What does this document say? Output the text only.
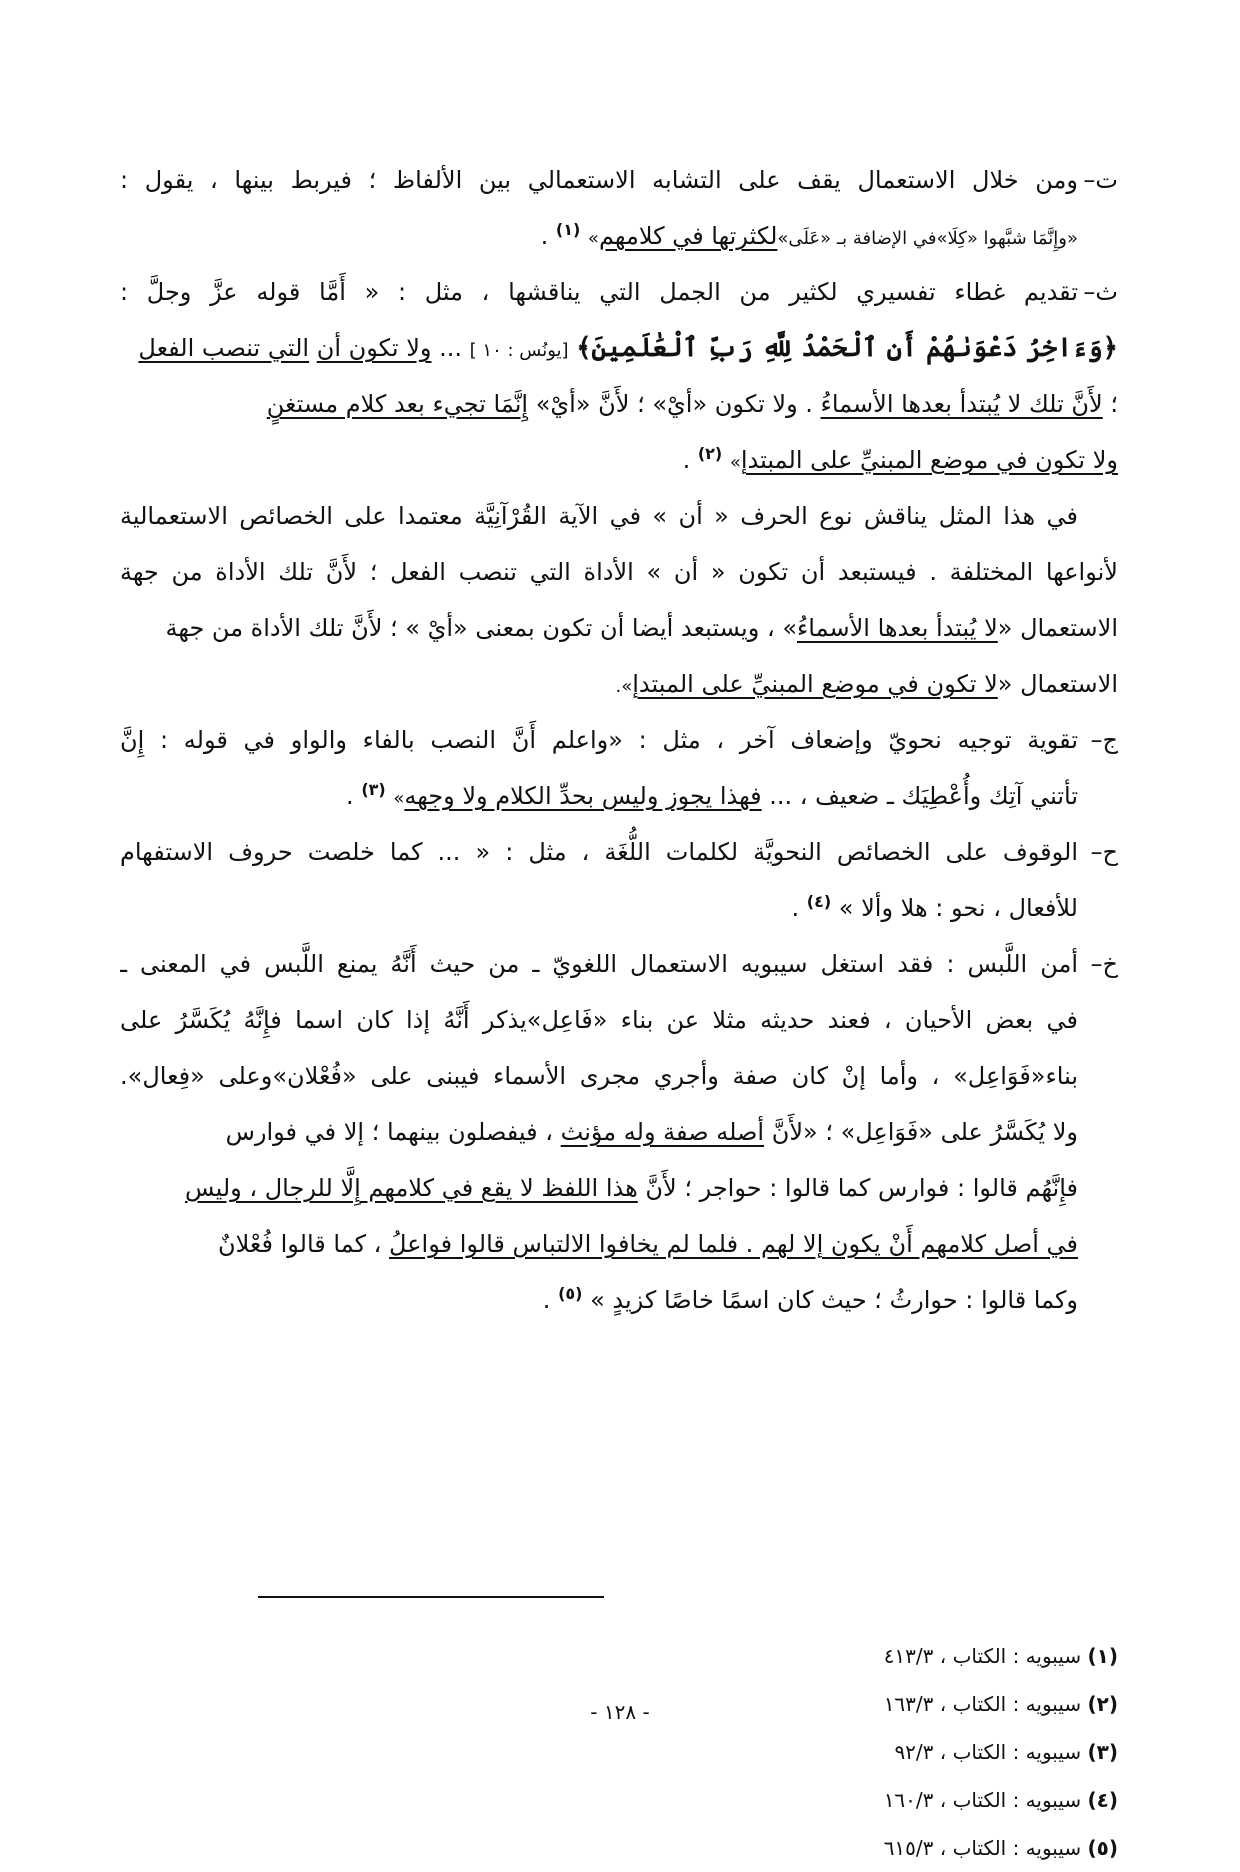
ت–
ومن خلال الاستعمال يقف على التشابه الاستعمالي بين الألفاظ ؛ فيربط بينها ، يقول :
«وإِنَّمَا شبَّهوا «كِلَا»في الإضافة بـ «عَلَى»لكثرتها في كلامهم» $^{(١)}$ .
ث–
تقديم غطاء تفسيري لكثير من الجمل التي يناقشها ، مثل : « أَمَّا قوله عزَّ وجلَّ :
﴿وَءَاخِرُ دَعْوَىٰهُمْ أَنِ ٱلْحَمْدُ لِلَّهِ رَبِّ ٱلْعَٰلَمِينَ﴾ [يونُس : ١٠ ] ... ولا تكون أن التي تنصب الفعل
؛ لأَنَّ تلك لا يُبتدأ بعدها الأسماءُ . ولا تكون «أيْ» ؛ لأَنَّ «أيْ» إِنَّمَا تجيء بعد كلام مستغنٍ
ولا تكون في موضع المبنيِّ على المبتدإ» $^{(٢)}$ .
في هذا المثل يناقش نوع الحرف « أن » في الآية القُرْآنِيَّة معتمدا على الخصائص الاستعمالية
لأنواعها المختلفة . فيستبعد أن تكون « أن » الأداة التي تنصب الفعل ؛ لأَنَّ تلك الأداة من جهة
الاستعمال «لا يُبتدأ بعدها الأسماءُ» ، ويستبعد أيضا أن تكون بمعنى «أيْ » ؛ لأَنَّ تلك الأداة من جهة
الاستعمال «لا تكون في موضع المبنيِّ على المبتدإ».
ج–
تقوية توجيه نحويّ وإضعاف آخر ، مثل : «واعلم أَنَّ النصب بالفاء والواو في قوله : إِنَّ
تأتني آتِك وأُعْطِيَك ـ ضعيف ، ... فهذا يجوز وليس بحدِّ الكلام ولا وجهه» $^{(٣)}$ .
ح–
الوقوف على الخصائص النحويَّة لكلمات اللُّغَة ، مثل : « ... كما خلصت حروف الاستفهام
للأفعال ، نحو : هلا وألا » $^{(٤)}$ .
خ–
أمن اللَّبس : فقد استغل سيبويه الاستعمال اللغويّ ـ من حيث أَنَّهُ يمنع اللَّبس في المعنى ـ
في بعض الأحيان ، فعند حديثه مثلا عن بناء «فَاعِل»يذكر أَنَّهُ إذا كان اسما فإِنَّهُ يُكَسَّرُ على
بناء«فَوَاعِل» ، وأما إنْ كان صفة وأجري مجرى الأسماء فيبنى على «فُعْلان»وعلى «فِعال».
ولا يُكَسَّرُ على «فَوَاعِل» ؛ «لأَنَّ أصله صفة وله مؤنث ، فيفصلون بينهما ؛ إلا في فوارس
فإِنَّهُم قالوا : فوارس كما قالوا : حواجر ؛ لأَنَّ هذا اللفظ لا يقع في كلامهم إِلَّا للرجال ، وليس
في أصل كلامهم أَنْ يكون إلا لهم . فلما لم يخافوا الالتباس قالوا فواعلُ ، كما قالوا فُعْلانٌ
وكما قالوا : حوارثُ ؛ حيث كان اسمًا خاصًا كزيدٍ » $^{(٥)}$ .
(١) سيبويه : الكتاب ، ٤١٣/٣
(٢) سيبويه : الكتاب ، ١٦٣/٣
(٣) سيبويه : الكتاب ، ٩٢/٣
(٤) سيبويه : الكتاب ، ١٦٠/٣
(٥) سيبويه : الكتاب ، ٦١٥/٣
- ١٢٨ -
